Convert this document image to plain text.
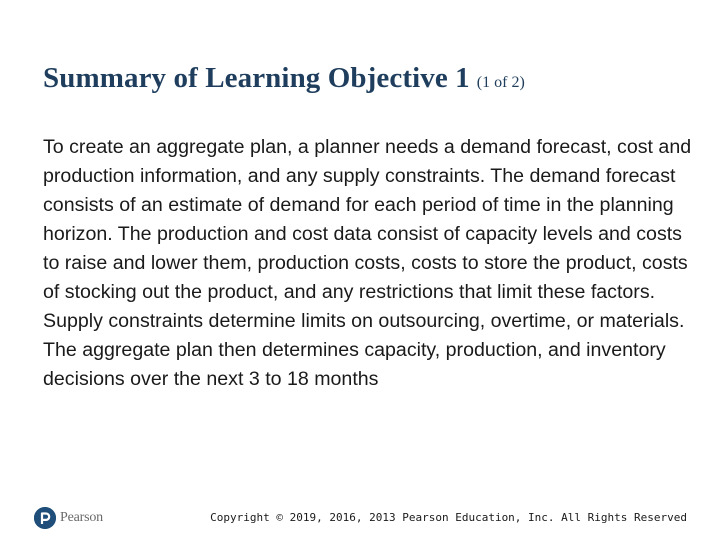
Summary of Learning Objective 1 (1 of 2)

To create an aggregate plan, a planner needs a demand forecast, cost and production information, and any supply constraints. The demand forecast consists of an estimate of demand for each period of time in the planning horizon. The production and cost data consist of capacity levels and costs to raise and lower them, production costs, costs to store the product, costs of stocking out the product, and any restrictions that limit these factors. Supply constraints determine limits on outsourcing, overtime, or materials. The aggregate plan then determines capacity, production, and inventory decisions over the next 3 to 18 months

Pearson	Copyright © 2019, 2016, 2013 Pearson Education, Inc. All Rights Reserved
